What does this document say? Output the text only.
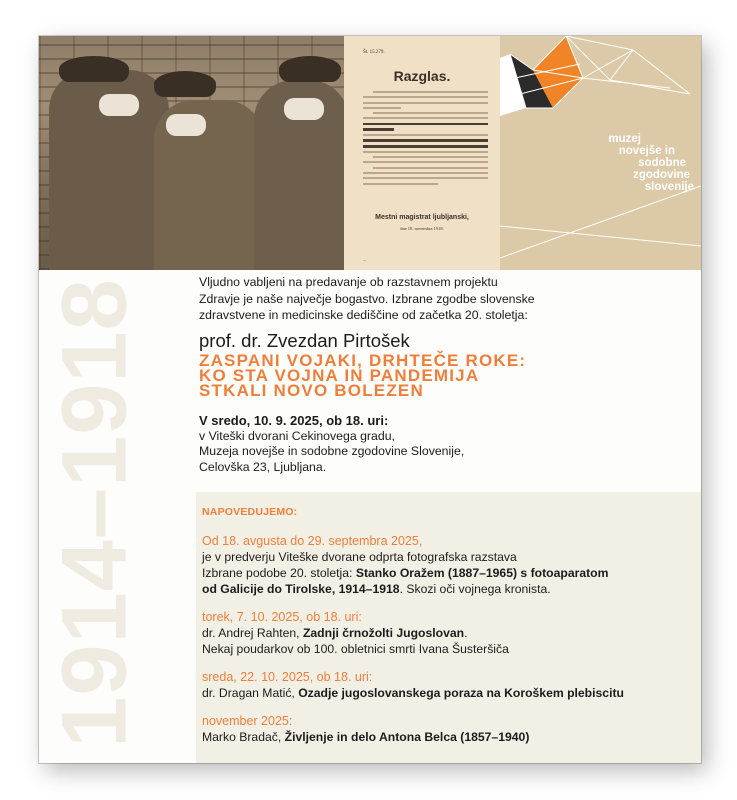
Št. 15.279.
Razglas.
Mestni magistrat ljubljanski,
dne 18. novembra 1918.
—
muzej
novejše in
sodobne
zgodovine
slovenije
1914–1918	Vljudno vabljeni na predavanje ob razstavnem projektu
Zdravje je naše največje bogastvo. Izbrane zgodbe slovenske
zdravstvene in medicinske dediščine od začetka 20. stoletja:
prof. dr. Zvezdan Pirtošek
ZASPANI VOJAKI, DRHTEČE ROKE:
KO STA VOJNA IN PANDEMIJA
STKALI NOVO BOLEZEN
V sredo, 10. 9. 2025, ob 18. uri:
v Viteški dvorani Cekinovega gradu,
Muzeja novejše in sodobne zgodovine Slovenije,
Celovška 23, Ljubljana.
NAPOVEDUJEMO:
Od 18. avgusta do 29. septembra 2025,
je v predverju Viteške dvorane odprta fotografska razstava
Izbrane podobe 20. stoletja: Stanko Oražem (1887–1965) s fotoaparatom
od Galicije do Tirolske, 1914–1918. Skozi oči vojnega kronista.
torek, 7. 10. 2025, ob 18. uri:
dr. Andrej Rahten, Zadnji črnožolti Jugoslovan.
Nekaj poudarkov ob 100. obletnici smrti Ivana Šusteršiča
sreda, 22. 10. 2025, ob 18. uri:
dr. Dragan Matić, Ozadje jugoslovanskega poraza na Koroškem plebiscitu
november 2025:
Marko Bradač, Življenje in delo Antona Belca (1857–1940)
